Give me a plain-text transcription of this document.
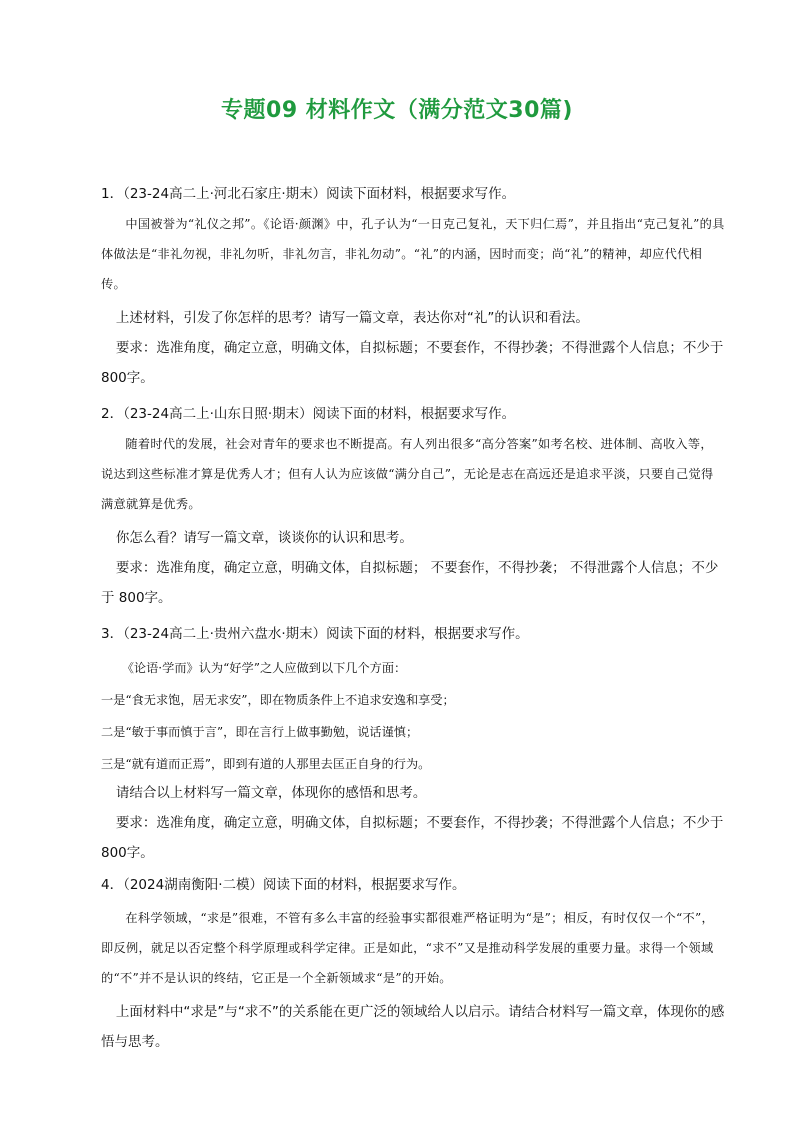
专题09 材料作文（满分范文30篇)

1．（23-24高二上·河北石家庄·期末）阅读下面材料，根据要求写作。

中国被誉为“礼仪之邦”。《论语·颜渊》中，孔子认为“一日克己复礼，天下归仁焉”，并且指出“克己复礼”的具体做法是“非礼勿视，非礼勿听，非礼勿言，非礼勿动”。“礼”的内涵，因时而变；尚“礼”的精神，却应代代相传。

上述材料，引发了你怎样的思考？请写一篇文章，表达你对“礼”的认识和看法。

要求：选准角度，确定立意，明确文体，自拟标题；不要套作，不得抄袭；不得泄露个人信息；不少于800字。

2．（23-24高二上·山东日照·期末）阅读下面的材料，根据要求写作。

随着时代的发展，社会对青年的要求也不断提高。有人列出很多“高分答案”如考名校、进体制、高收入等，说达到这些标准才算是优秀人才；但有人认为应该做“满分自己”，无论是志在高远还是追求平淡，只要自己觉得满意就算是优秀。

你怎么看？请写一篇文章，谈谈你的认识和思考。

要求：选准角度，确定立意，明确文体，自拟标题； 不要套作，不得抄袭； 不得泄露个人信息；不少于 800字。

3．（23-24高二上·贵州六盘水·期末）阅读下面的材料，根据要求写作。

《论语·学而》认为“好学”之人应做到以下几个方面：

一是“食无求饱，居无求安”，即在物质条件上不追求安逸和享受；

二是“敏于事而慎于言”，即在言行上做事勤勉，说话谨慎；

三是“就有道而正焉”，即到有道的人那里去匡正自身的行为。

请结合以上材料写一篇文章，体现你的感悟和思考。

要求：选准角度，确定立意，明确文体，自拟标题；不要套作，不得抄袭；不得泄露个人信息；不少于800字。

4．（2024湖南衡阳·二模）阅读下面的材料，根据要求写作。

在科学领域，“求是”很难，不管有多么丰富的经验事实都很难严格证明为“是”；相反，有时仅仅一个“不”，即反例，就足以否定整个科学原理或科学定律。正是如此，“求不”又是推动科学发展的重要力量。求得一个领域的“不”并不是认识的终结，它正是一个全新领域求“是”的开始。

上面材料中“求是”与“求不”的关系能在更广泛的领域给人以启示。请结合材料写一篇文章，体现你的感悟与思考。
